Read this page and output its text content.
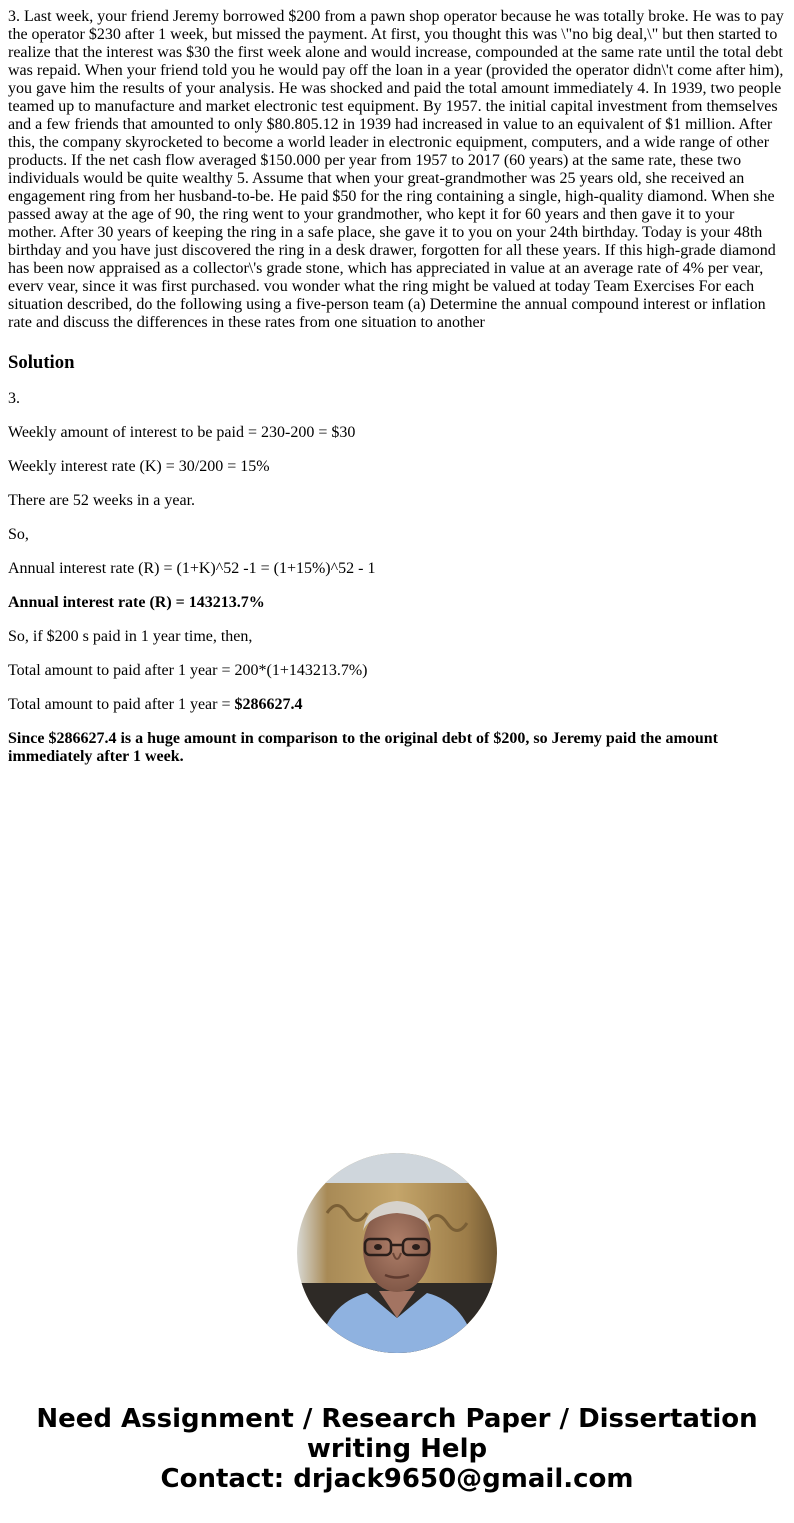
3. Last week, your friend Jeremy borrowed $200 from a pawn shop operator because he was totally broke. He was to pay the operator $230 after 1 week, but missed the payment. At first, you thought this was \"no big deal,\" but then started to realize that the interest was $30 the first week alone and would increase, compounded at the same rate until the total debt was repaid. When your friend told you he would pay off the loan in a year (provided the operator didn\'t come after him), you gave him the results of your analysis. He was shocked and paid the total amount immediately 4. In 1939, two people teamed up to manufacture and market electronic test equipment. By 1957. the initial capital investment from themselves and a few friends that amounted to only $80.805.12 in 1939 had increased in value to an equivalent of $1 million. After this, the company skyrocketed to become a world leader in electronic equipment, computers, and a wide range of other products. If the net cash flow averaged $150.000 per year from 1957 to 2017 (60 years) at the same rate, these two individuals would be quite wealthy 5. Assume that when your great-grandmother was 25 years old, she received an engagement ring from her husband-to-be. He paid $50 for the ring containing a single, high-quality diamond. When she passed away at the age of 90, the ring went to your grandmother, who kept it for 60 years and then gave it to your mother. After 30 years of keeping the ring in a safe place, she gave it to you on your 24th birthday. Today is your 48th birthday and you have just discovered the ring in a desk drawer, forgotten for all these years. If this high-grade diamond has been now appraised as a collector\'s grade stone, which has appreciated in value at an average rate of 4% per vear, everv vear, since it was first purchased. vou wonder what the ring might be valued at today Team Exercises For each situation described, do the following using a five-person team (a) Determine the annual compound interest or inflation rate and discuss the differences in these rates from one situation to another

Solution

3.

Weekly amount of interest to be paid = 230-200 = $30

Weekly interest rate (K) = 30/200 = 15%

There are 52 weeks in a year.

So,

Annual interest rate (R) = (1+K)^52 -1 = (1+15%)^52 - 1

Annual interest rate (R) = 143213.7%

So, if $200 s paid in 1 year time, then,

Total amount to paid after 1 year = 200*(1+143213.7%)

Total amount to paid after 1 year = $286627.4

Since $286627.4 is a huge amount in comparison to the original debt of $200, so Jeremy paid the amount immediately after 1 week.

Need Assignment / Research Paper / Dissertation
writing Help
Contact: drjack9650@gmail.com
